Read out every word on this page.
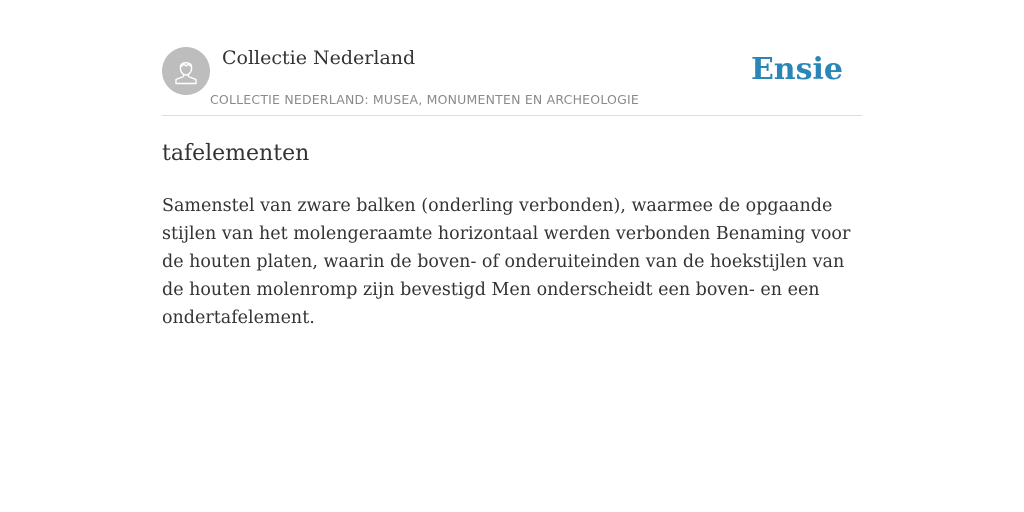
Collectie Nederland
COLLECTIE NEDERLAND: MUSEA, MONUMENTEN EN ARCHEOLOGIE
Ensie
tafelementen

Samenstel van zware balken (onderling verbonden), waarmee de opgaande stijlen van het molengeraamte horizontaal werden verbonden Benaming voor de houten platen, waarin de boven- of onderuiteinden van de hoekstijlen van de houten molenromp zijn bevestigd Men onderscheidt een boven- en een ondertafelement.
